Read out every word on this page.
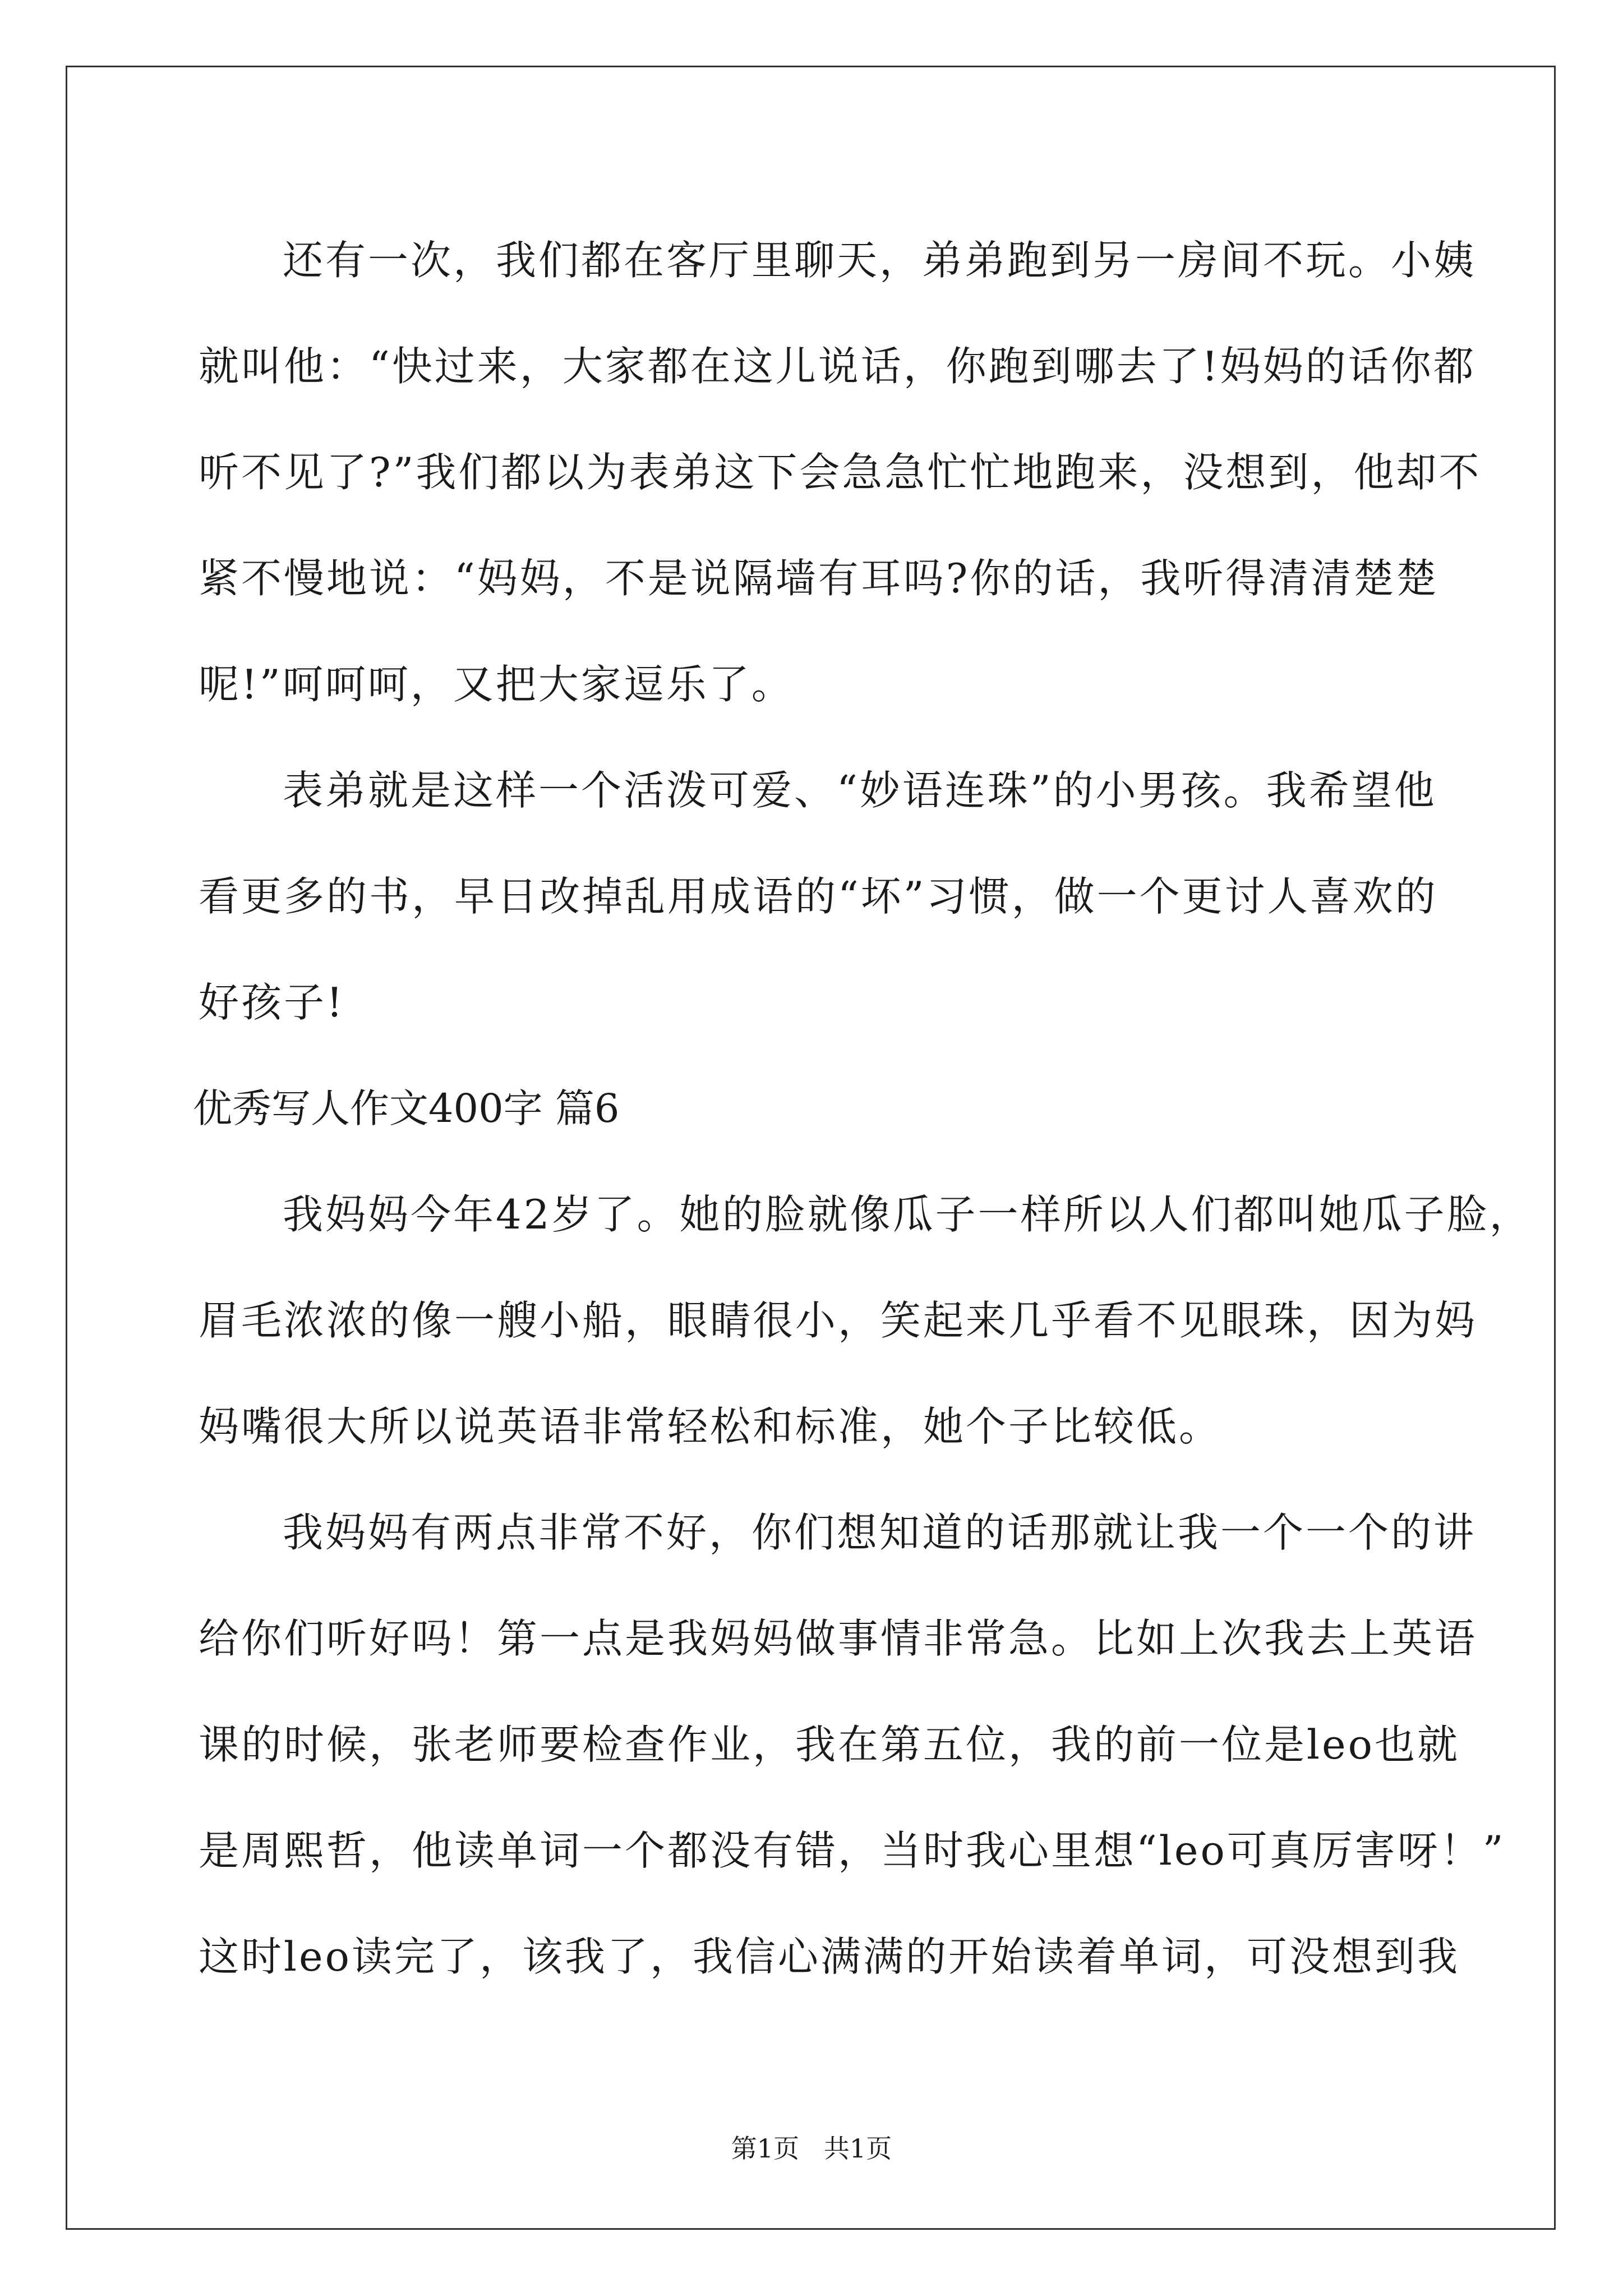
还有一次，我们都在客厅里聊天，弟弟跑到另一房间不玩。小姨
就叫他：“快过来，大家都在这儿说话，你跑到哪去了!妈妈的话你都
听不见了?”我们都以为表弟这下会急急忙忙地跑来，没想到，他却不
紧不慢地说：“妈妈，不是说隔墙有耳吗?你的话，我听得清清楚楚
呢!”呵呵呵，又把大家逗乐了。
表弟就是这样一个活泼可爱、“妙语连珠”的小男孩。我希望他
看更多的书，早日改掉乱用成语的“坏”习惯，做一个更讨人喜欢的
好孩子!
优秀写人作文400字 篇6
我妈妈今年42岁了。她的脸就像瓜子一样所以人们都叫她瓜子脸，
眉毛浓浓的像一艘小船，眼睛很小，笑起来几乎看不见眼珠，因为妈
妈嘴很大所以说英语非常轻松和标准，她个子比较低。
我妈妈有两点非常不好，你们想知道的话那就让我一个一个的讲
给你们听好吗！第一点是我妈妈做事情非常急。比如上次我去上英语
课的时候，张老师要检查作业，我在第五位，我的前一位是leo也就
是周熙哲，他读单词一个都没有错，当时我心里想“leo可真厉害呀！”
这时leo读完了，该我了，我信心满满的开始读着单词，可没想到我
第1页   共1页
